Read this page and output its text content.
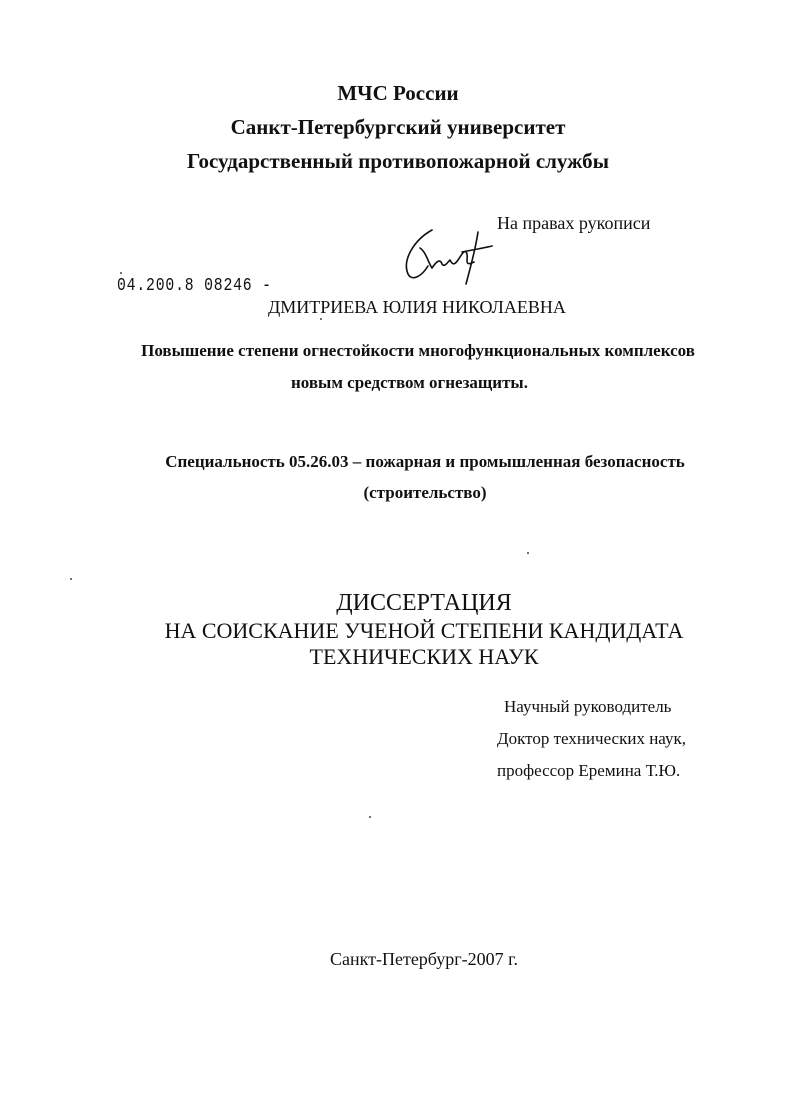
МЧС России
Санкт-Петербургский университет
Государственный противопожарной службы
На правах рукописи
04.200.8 08246 -
ДМИТРИЕВА ЮЛИЯ НИКОЛАЕВНА
Повышение степени огнестойкости многофункциональных комплексов
новым средством огнезащиты.
Специальность 05.26.03 – пожарная и промышленная безопасность
(строительство)
ДИССЕРТАЦИЯ
НА СОИСКАНИЕ УЧЕНОЙ СТЕПЕНИ КАНДИДАТА
ТЕХНИЧЕСКИХ НАУК
Научный руководитель
Доктор технических наук,
профессор Еремина Т.Ю.
Санкт-Петербург-2007 г.
